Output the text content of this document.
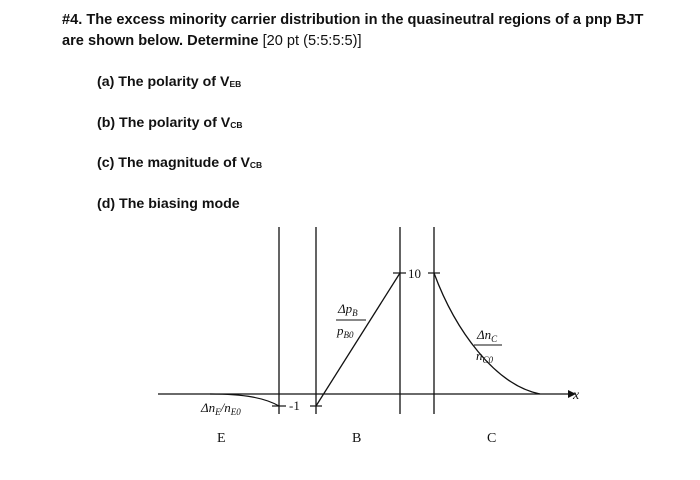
#4. The excess minority carrier distribution in the quasineutral regions of a pnp BJT are shown below. Determine [20 pt (5:5:5:5)]
(a) The polarity of VEB
(b) The polarity of VCB
(c) The magnitude of VCB
(d) The biasing mode
x
-1
10
$\Delta n_E/n_{E0}$
$\Delta p_B$
$p_{B0}$	$\Delta n_C$
$n_{C0}$
E	B	C
